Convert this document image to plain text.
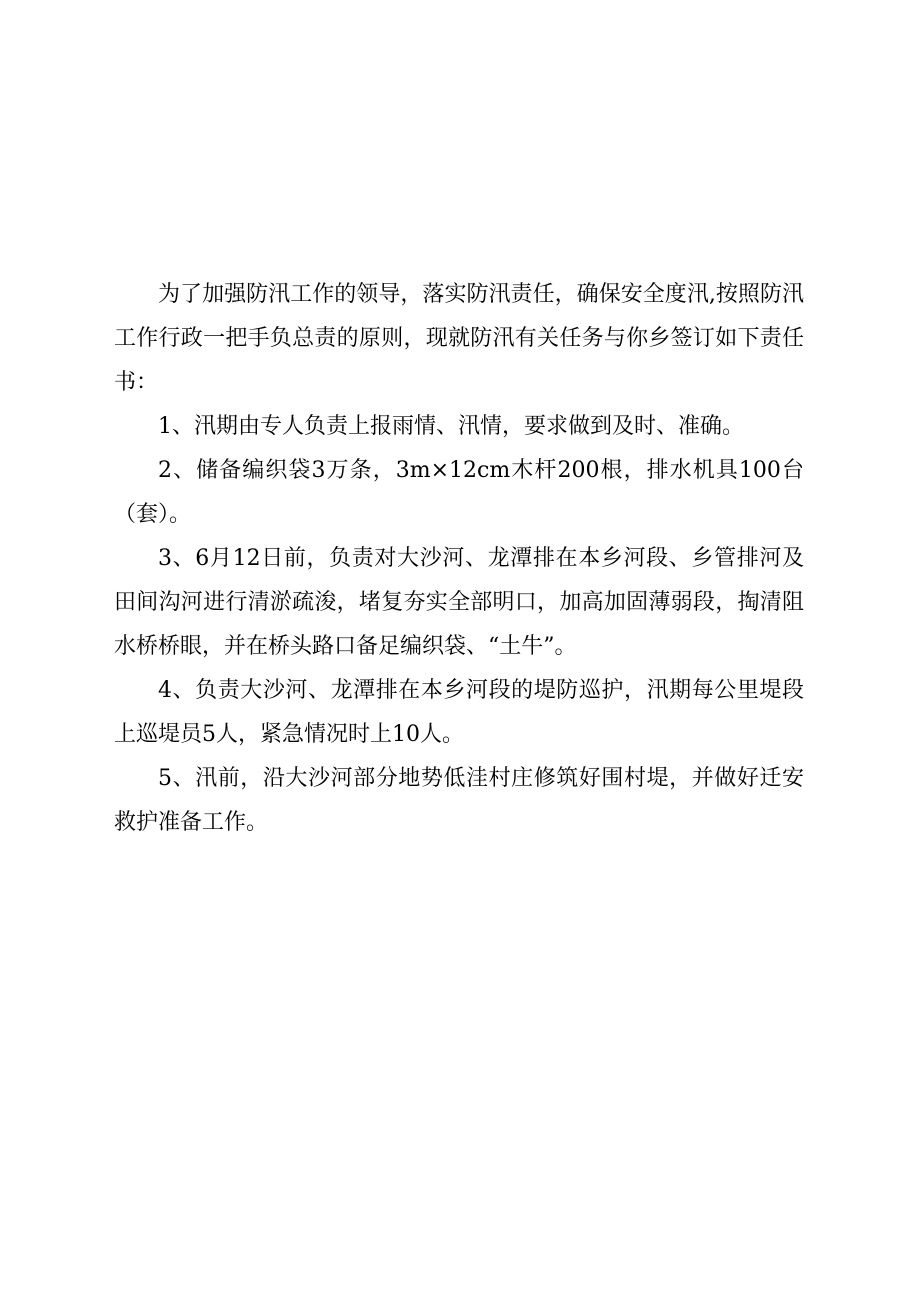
为了加强防汛工作的领导，落实防汛责任，确保安全度汛,按照防汛工作行政一把手负总责的原则，现就防汛有关任务与你乡签订如下责任书：

1、汛期由专人负责上报雨情、汛情，要求做到及时、准确。

2、储备编织袋3万条，3m×12cm木杆200根，排水机具100台（套）。

3、6月12日前，负责对大沙河、龙潭排在本乡河段、乡管排河及田间沟河进行清淤疏浚，堵复夯实全部明口，加高加固薄弱段，掏清阻水桥桥眼，并在桥头路口备足编织袋、“土牛”。

4、负责大沙河、龙潭排在本乡河段的堤防巡护，汛期每公里堤段上巡堤员5人，紧急情况时上10人。

5、汛前，沿大沙河部分地势低洼村庄修筑好围村堤，并做好迁安救护准备工作。
